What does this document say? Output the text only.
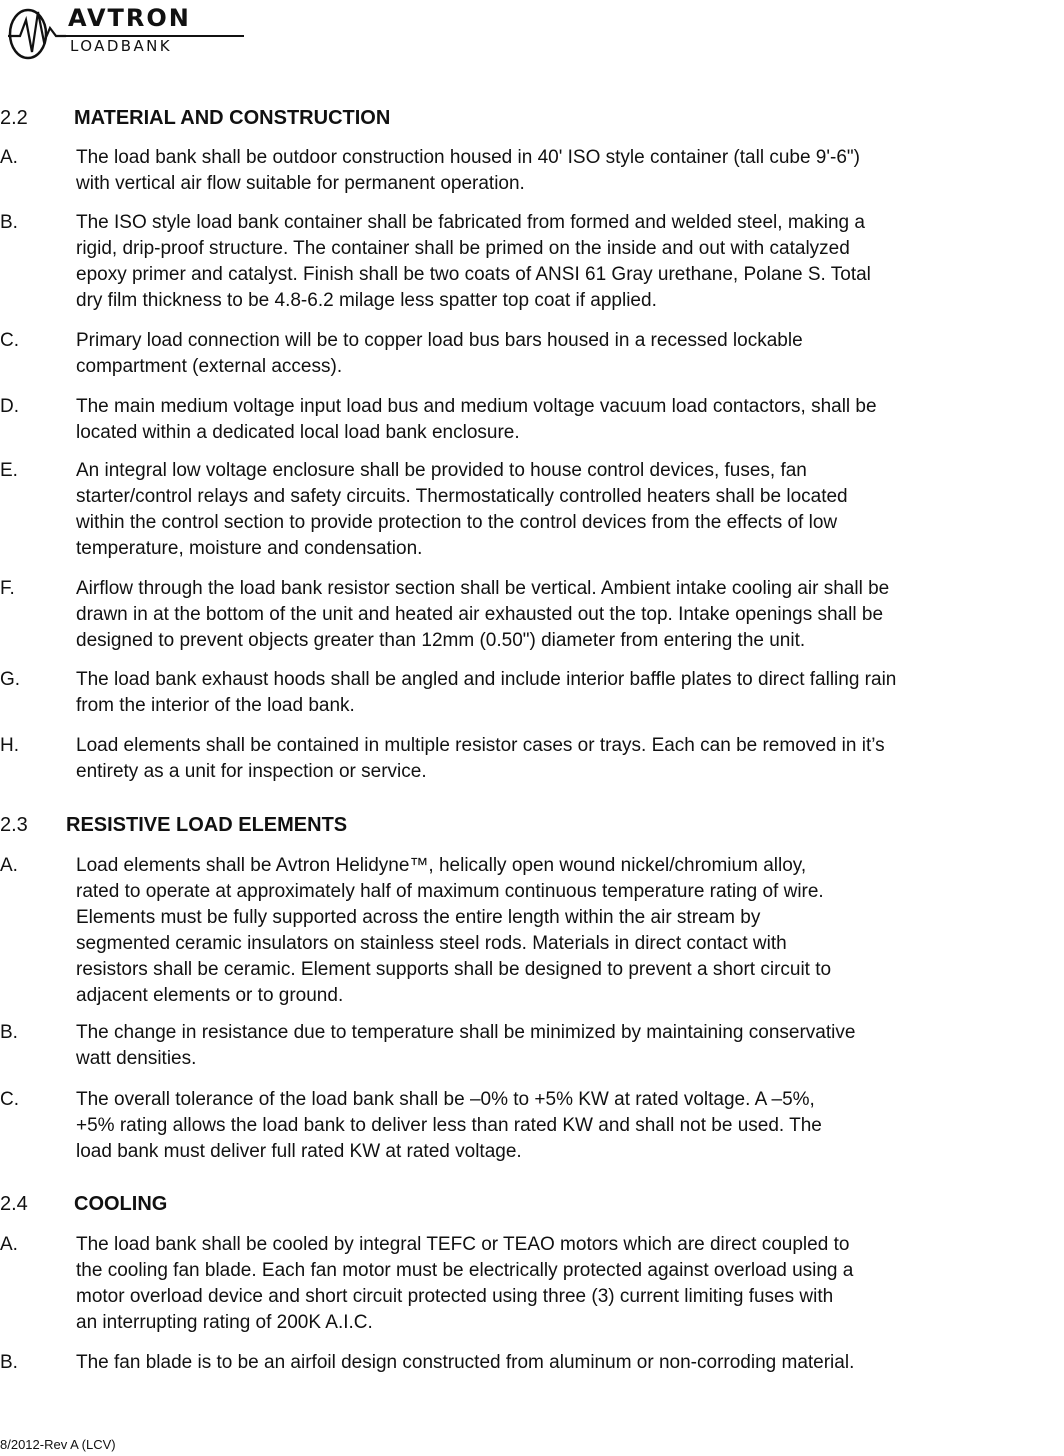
AVTRON
LOADBANK
2.2 MATERIAL AND CONSTRUCTION
A.	The load bank shall be outdoor construction housed in 40' ISO style container (tall cube 9'-6")
with vertical air flow suitable for permanent operation.
B.	The ISO style load bank container shall be fabricated from formed and welded steel, making a
rigid, drip-proof structure. The container shall be primed on the inside and out with catalyzed
epoxy primer and catalyst. Finish shall be two coats of ANSI 61 Gray urethane, Polane S. Total
dry film thickness to be 4.8-6.2 milage less spatter top coat if applied.
C.	Primary load connection will be to copper load bus bars housed in a recessed lockable
compartment (external access).
D.	The main medium voltage input load bus and medium voltage vacuum load contactors, shall be
located within a dedicated local load bank enclosure.
E.	An integral low voltage enclosure shall be provided to house control devices, fuses, fan
starter/control relays and safety circuits. Thermostatically controlled heaters shall be located
within the control section to provide protection to the control devices from the effects of low
temperature, moisture and condensation.
F.	Airflow through the load bank resistor section shall be vertical. Ambient intake cooling air shall be
drawn in at the bottom of the unit and heated air exhausted out the top. Intake openings shall be
designed to prevent objects greater than 12mm (0.50") diameter from entering the unit.
G.	The load bank exhaust hoods shall be angled and include interior baffle plates to direct falling rain
from the interior of the load bank.
H.	Load elements shall be contained in multiple resistor cases or trays. Each can be removed in it’s
entirety as a unit for inspection or service.
2.3 RESISTIVE LOAD ELEMENTS
A.	Load elements shall be Avtron Helidyne™, helically open wound nickel/chromium alloy,
rated to operate at approximately half of maximum continuous temperature rating of wire.
Elements must be fully supported across the entire length within the air stream by
segmented ceramic insulators on stainless steel rods. Materials in direct contact with
resistors shall be ceramic. Element supports shall be designed to prevent a short circuit to
adjacent elements or to ground.
B.	The change in resistance due to temperature shall be minimized by maintaining conservative
watt densities.
C.	The overall tolerance of the load bank shall be –0% to +5% KW at rated voltage. A –5%,
+5% rating allows the load bank to deliver less than rated KW and shall not be used. The
load bank must deliver full rated KW at rated voltage.
2.4 COOLING
A.	The load bank shall be cooled by integral TEFC or TEAO motors which are direct coupled to
the cooling fan blade. Each fan motor must be electrically protected against overload using a
motor overload device and short circuit protected using three (3) current limiting fuses with
an interrupting rating of 200K A.I.C.
B.	The fan blade is to be an airfoil design constructed from aluminum or non-corroding material.
8/2012-Rev A (LCV)
